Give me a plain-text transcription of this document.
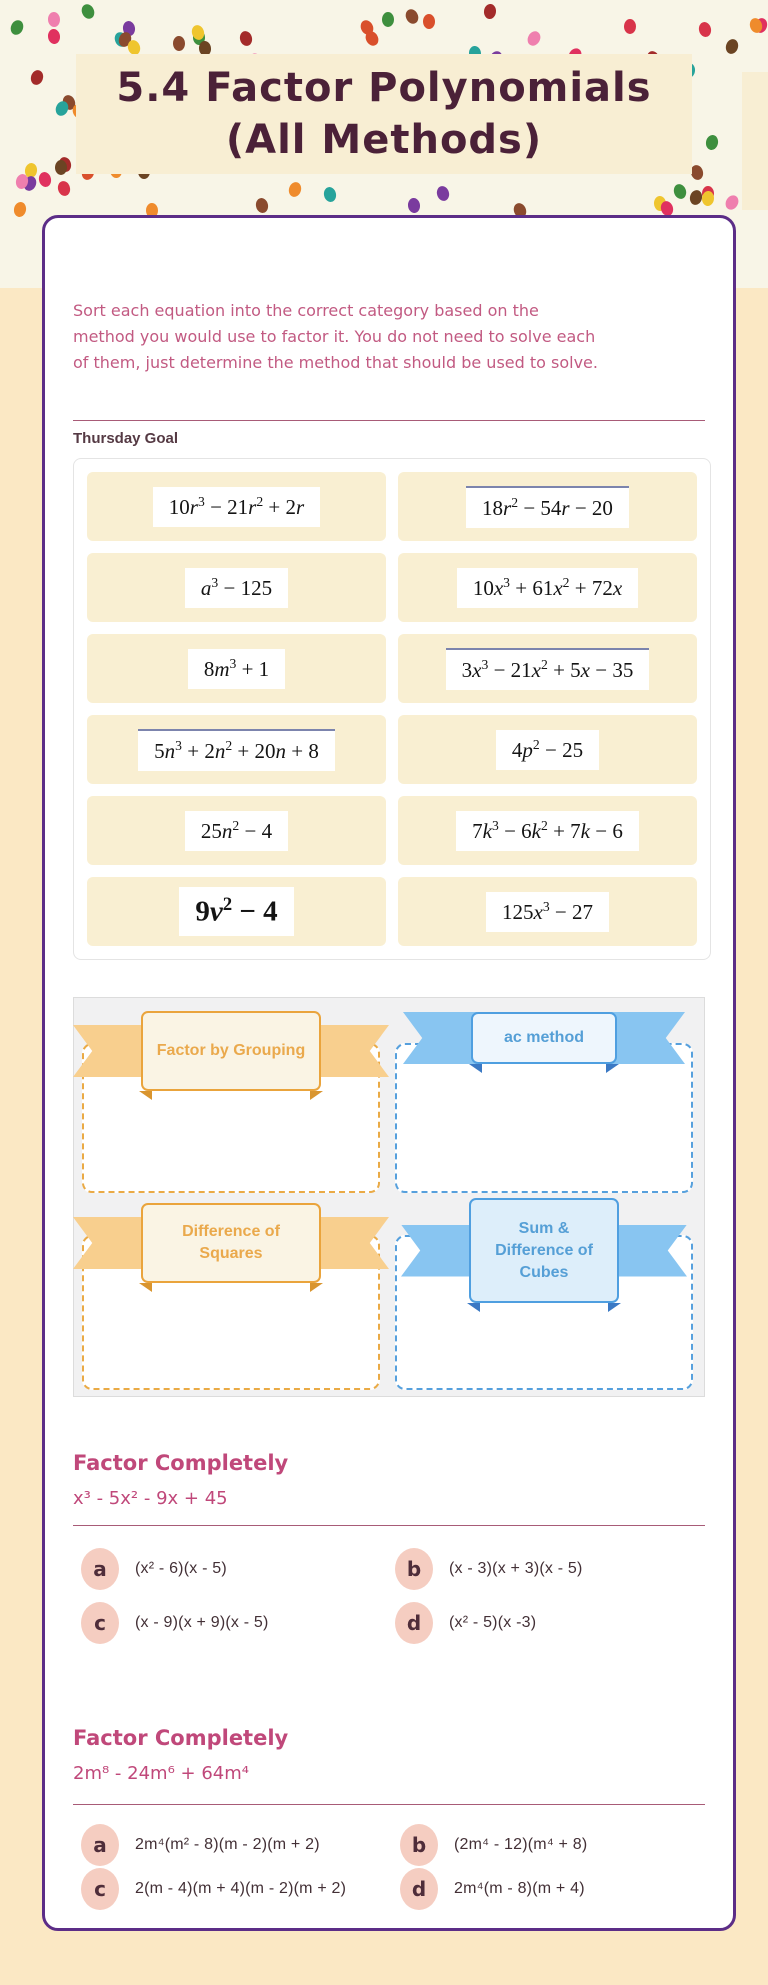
5.4 Factor Polynomials
(All Methods)
Sort each equation into the correct category based on the method you would use to factor it. You do not need to solve each of them, just determine the method that should be used to solve.
Thursday Goal
$10r^3 - 21r^2 + 2r$	$18r^2 - 54r - 20$
$a^3 - 125$	$10x^3 + 61x^2 + 72x$
$8m^3 + 1$	$3x^3 - 21x^2 + 5x - 35$
$5n^3 + 2n^2 + 20n + 8$	$4p^2 - 25$
$25n^2 - 4$	$7k^3 - 6k^2 + 7k - 6$
$9v^2 - 4$	$125x^3 - 27$
Factor by Grouping
ac method
Difference of Squares
Sum & Difference of Cubes
Factor Completely
x³ - 5x² - 9x + 45
a	(x² - 6)(x - 5)	b	(x - 3)(x + 3)(x - 5)
c	(x - 9)(x + 9)(x - 5)	d	(x² - 5)(x -3)
Factor Completely
2m⁸ - 24m⁶ + 64m⁴
a	2m⁴(m² - 8)(m - 2)(m + 2)	b	(2m⁴ - 12)(m⁴ + 8)
c	2(m - 4)(m + 4)(m - 2)(m + 2)	d	2m⁴(m - 8)(m + 4)
